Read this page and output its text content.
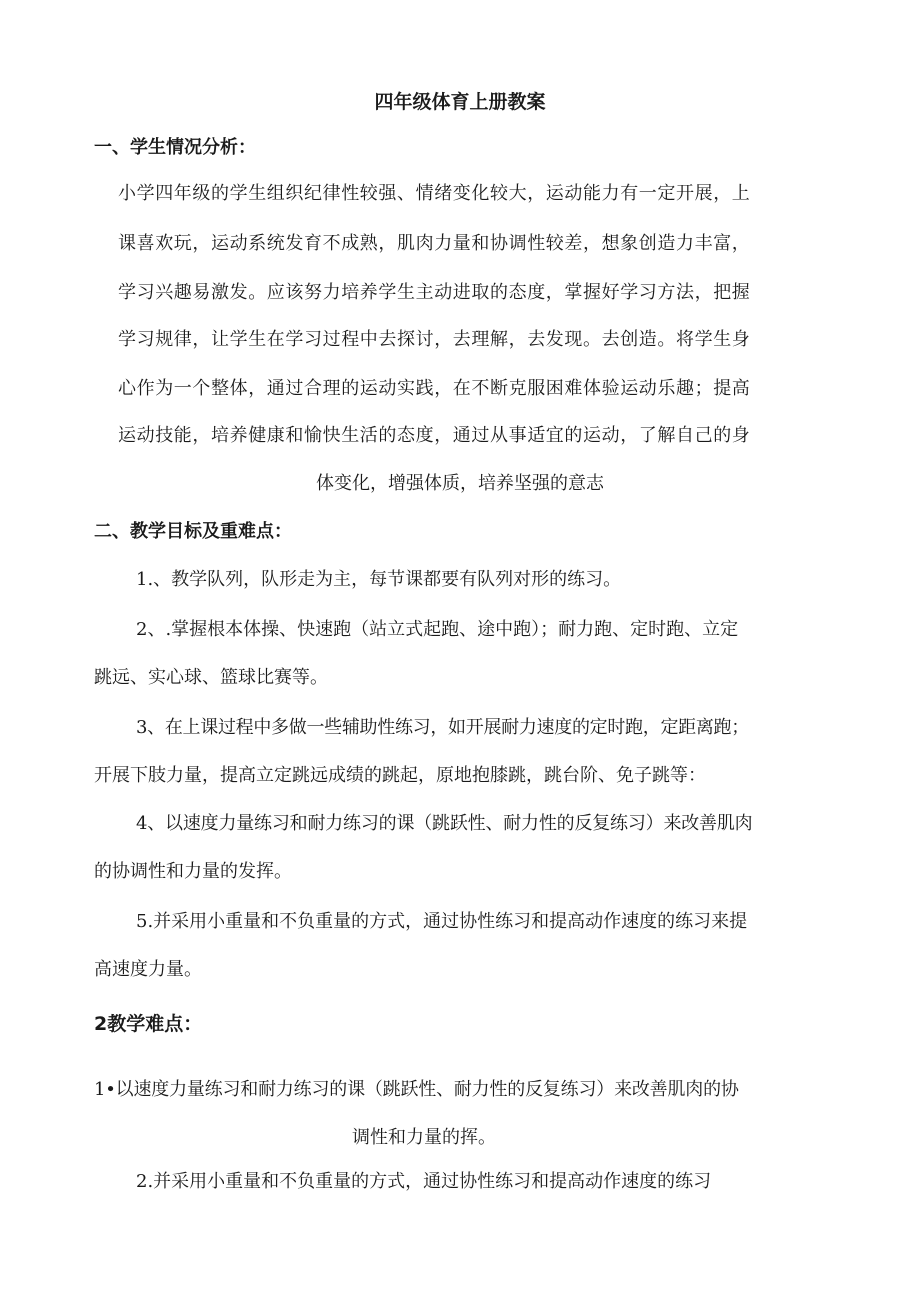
四年级体育上册教案
一、学生情况分析：
小学四年级的学生组织纪律性较强、情绪变化较大，运动能力有一定开展，上
课喜欢玩，运动系统发育不成熟，肌肉力量和协调性较差，想象创造力丰富，
学习兴趣易激发。应该努力培养学生主动进取的态度，掌握好学习方法，把握
学习规律，让学生在学习过程中去探讨，去理解，去发现。去创造。将学生身
心作为一个整体，通过合理的运动实践，在不断克服困难体验运动乐趣；提高
运动技能，培养健康和愉快生活的态度，通过从事适宜的运动，了解自己的身
体变化，增强体质，培养坚强的意志
二、教学目标及重难点：
1.、教学队列，队形走为主，每节课都要有队列对形的练习。
2、.掌握根本体操、快速跑（站立式起跑、途中跑）；耐力跑、定时跑、立定
跳远、实心球、篮球比赛等。
3、在上课过程中多做一些辅助性练习，如开展耐力速度的定时跑，定距离跑；
开展下肢力量，提高立定跳远成绩的跳起，原地抱膝跳，跳台阶、免子跳等：
4、以速度力量练习和耐力练习的课（跳跃性、耐力性的反复练习）来改善肌肉
的协调性和力量的发挥。
5.并采用小重量和不负重量的方式，通过协性练习和提高动作速度的练习来提
高速度力量。
2教学难点：
1•以速度力量练习和耐力练习的课（跳跃性、耐力性的反复练习）来改善肌肉的协
调性和力量的挥。
2.并采用小重量和不负重量的方式，通过协性练习和提高动作速度的练习
